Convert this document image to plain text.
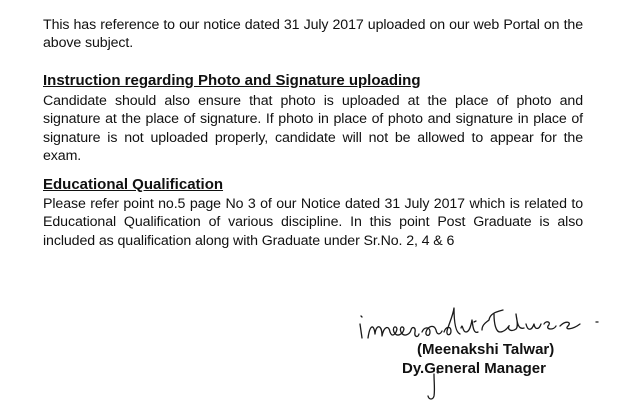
This has reference to our notice dated 31 July 2017 uploaded on our web Portal on the above subject.

Instruction regarding Photo and Signature uploading

Candidate should also ensure that photo is uploaded at the place of photo and signature at the place of signature. If photo in place of photo and signature in place of signature is not uploaded properly, candidate will not be allowed to appear for the exam.

Educational Qualification

Please refer point no.5 page No 3 of our Notice dated 31 July 2017 which is related to Educational Qualification of various discipline. In this point Post Graduate is also included as qualification along with Graduate under Sr.No. 2, 4 & 6

(Meenakshi Talwar)
Dy.General Manager
